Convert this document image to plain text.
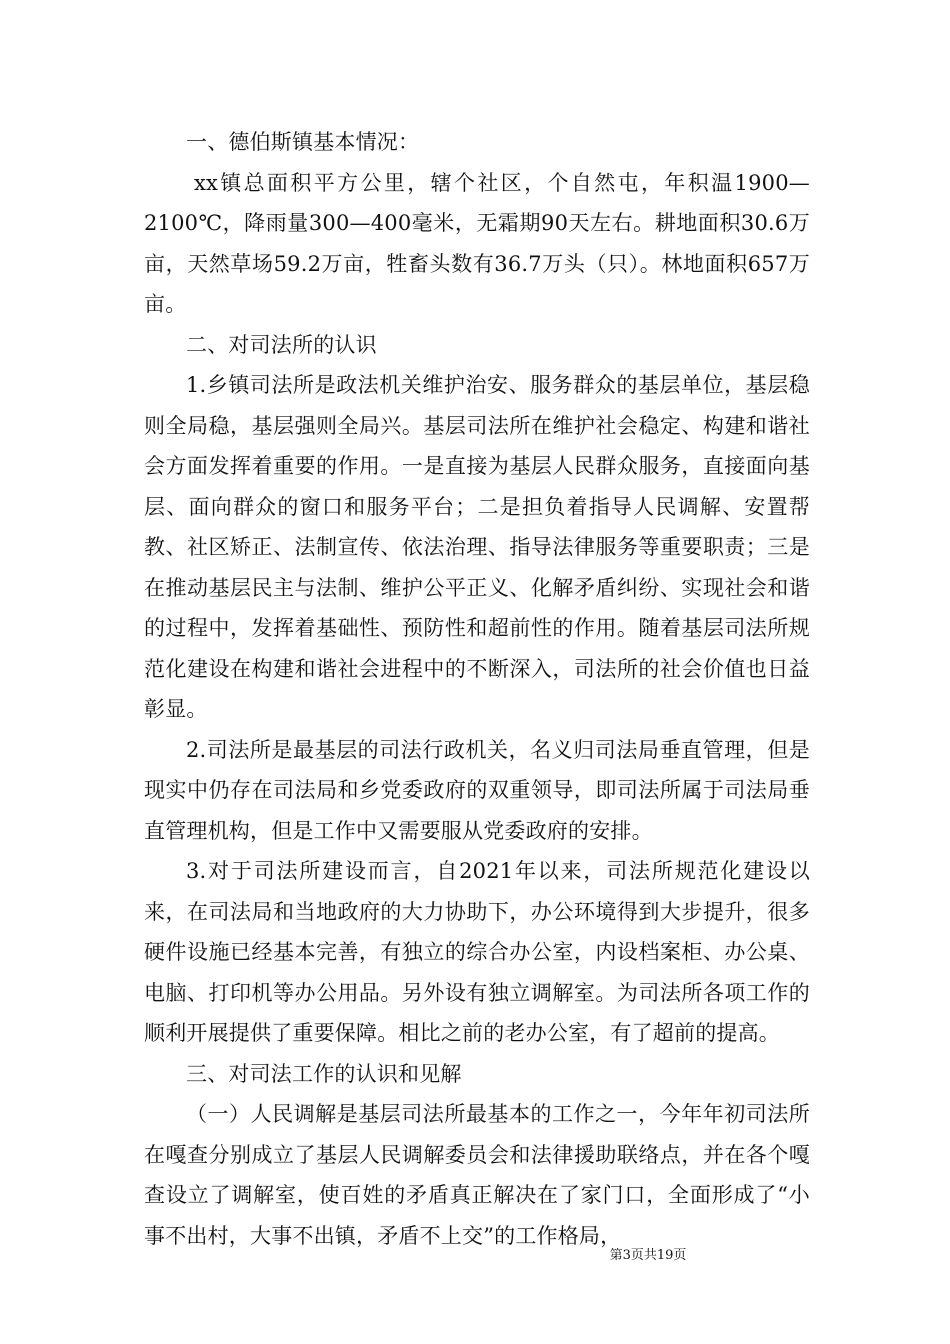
一、德伯斯镇基本情况：

xx镇总面积平方公里，辖个社区，个自然屯，年积温1900—2100℃，降雨量300—400毫米，无霜期90天左右。耕地面积30.6万亩，天然草场59.2万亩，牲畜头数有36.7万头（只）。林地面积657万亩。

二、对司法所的认识

1.乡镇司法所是政法机关维护治安、服务群众的基层单位，基层稳则全局稳，基层强则全局兴。基层司法所在维护社会稳定、构建和谐社会方面发挥着重要的作用。一是直接为基层人民群众服务，直接面向基层、面向群众的窗口和服务平台；二是担负着指导人民调解、安置帮教、社区矫正、法制宣传、依法治理、指导法律服务等重要职责；三是在推动基层民主与法制、维护公平正义、化解矛盾纠纷、实现社会和谐的过程中，发挥着基础性、预防性和超前性的作用。随着基层司法所规范化建设在构建和谐社会进程中的不断深入，司法所的社会价值也日益彰显。

2.司法所是最基层的司法行政机关，名义归司法局垂直管理，但是现实中仍存在司法局和乡党委政府的双重领导，即司法所属于司法局垂直管理机构，但是工作中又需要服从党委政府的安排。

3.对于司法所建设而言，自2021年以来，司法所规范化建设以来，在司法局和当地政府的大力协助下，办公环境得到大步提升，很多硬件设施已经基本完善，有独立的综合办公室，内设档案柜、办公桌、电脑、打印机等办公用品。另外设有独立调解室。为司法所各项工作的顺利开展提供了重要保障。相比之前的老办公室，有了超前的提高。

三、对司法工作的认识和见解

（一）人民调解是基层司法所最基本的工作之一，今年年初司法所在嘎查分别成立了基层人民调解委员会和法律援助联络点，并在各个嘎查设立了调解室，使百姓的矛盾真正解决在了家门口，全面形成了“小事不出村，大事不出镇，矛盾不上交”的工作格局，

第3页共19页
